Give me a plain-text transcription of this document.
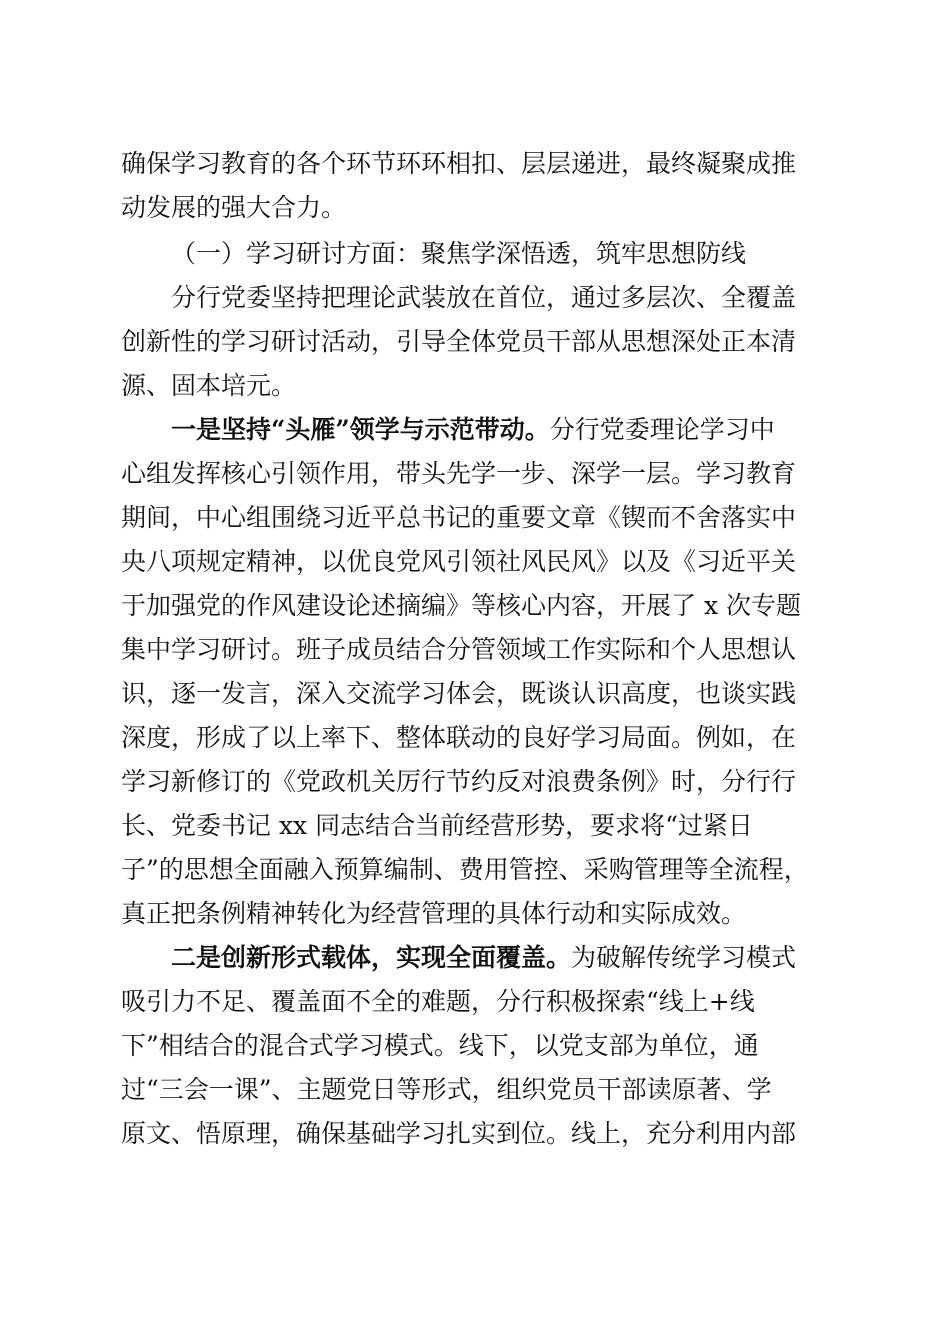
确保学习教育的各个环节环环相扣、层层递进，最终凝聚成推
动发展的强大合力。
（一）学习研讨方面：聚焦学深悟透，筑牢思想防线
分行党委坚持把理论武装放在首位，通过多层次、全覆盖
创新性的学习研讨活动，引导全体党员干部从思想深处正本清
源、固本培元。
一是坚持“头雁”领学与示范带动。分行党委理论学习中
心组发挥核心引领作用，带头先学一步、深学一层。学习教育
期间，中心组围绕习近平总书记的重要文章《锲而不舍落实中
央八项规定精神，以优良党风引领社风民风》以及《习近平关
于加强党的作风建设论述摘编》等核心内容，开展了 x 次专题
集中学习研讨。班子成员结合分管领域工作实际和个人思想认
识，逐一发言，深入交流学习体会，既谈认识高度，也谈实践
深度，形成了以上率下、整体联动的良好学习局面。例如，在
学习新修订的《党政机关厉行节约反对浪费条例》时，分行行
长、党委书记 xx 同志结合当前经营形势，要求将“过紧日
子”的思想全面融入预算编制、费用管控、采购管理等全流程，
真正把条例精神转化为经营管理的具体行动和实际成效。
二是创新形式载体，实现全面覆盖。为破解传统学习模式
吸引力不足、覆盖面不全的难题，分行积极探索“线上+线
下”相结合的混合式学习模式。线下，以党支部为单位，通
过“三会一课”、主题党日等形式，组织党员干部读原著、学
原文、悟原理，确保基础学习扎实到位。线上，充分利用内部
